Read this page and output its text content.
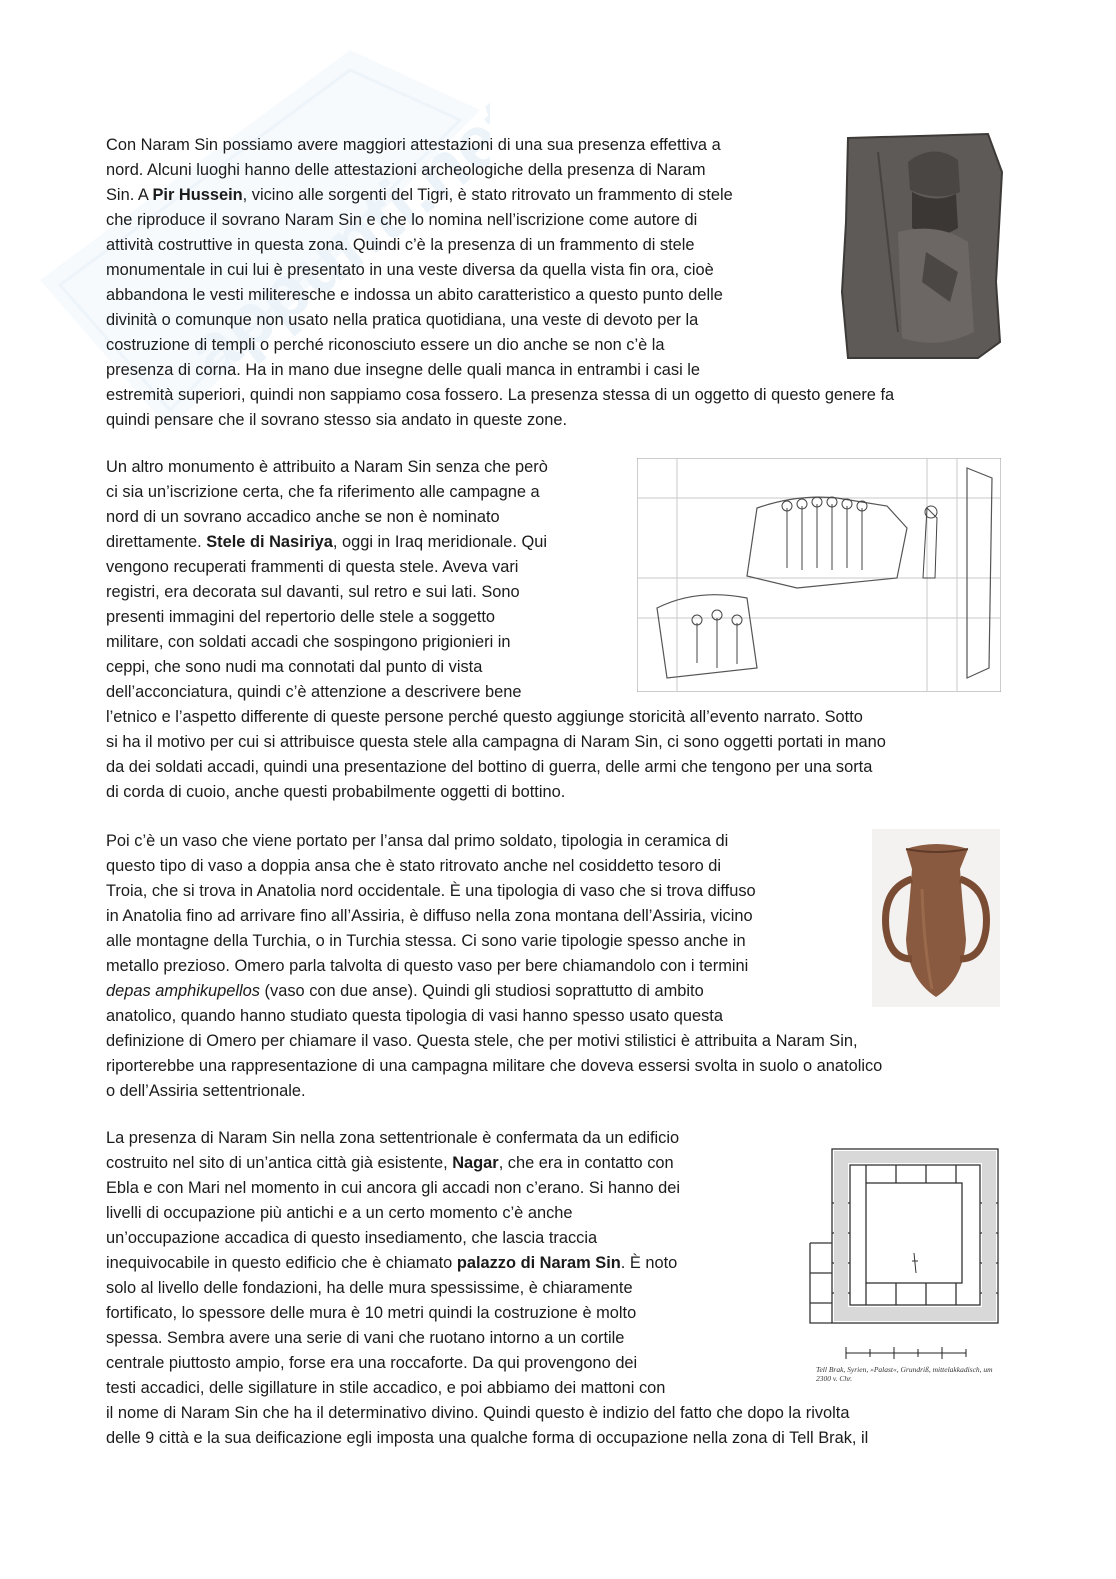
appunti.net

Con Naram Sin possiamo avere maggiori attestazioni di una sua presenza effettiva a

nord. Alcuni luoghi hanno delle attestazioni archeologiche della presenza di Naram

Sin. A Pir Hussein, vicino alle sorgenti del Tigri, è stato ritrovato un frammento di stele

che riproduce il sovrano Naram Sin e che lo nomina nell’iscrizione come autore di

attività costruttive in questa zona. Quindi c’è la presenza di un frammento di stele

monumentale in cui lui è presentato in una veste diversa da quella vista fin ora, cioè

abbandona le vesti militeresche e indossa un abito caratteristico a questo punto delle

divinità o comunque non usato nella pratica quotidiana, una veste di devoto per la

costruzione di templi o perché riconosciuto essere un dio anche se non c’è la

presenza di corna. Ha in mano due insegne delle quali manca in entrambi i casi le

estremità superiori, quindi non sappiamo cosa fossero. La presenza stessa di un oggetto di questo genere fa

quindi pensare che il sovrano stesso sia andato in queste zone.

Un altro monumento è attribuito a Naram Sin senza che però

ci sia un’iscrizione certa, che fa riferimento alle campagne a

nord di un sovrano accadico anche se non è nominato

direttamente. Stele di Nasiriya, oggi in Iraq meridionale. Qui

vengono recuperati frammenti di questa stele. Aveva vari

registri, era decorata sul davanti, sul retro e sui lati. Sono

presenti immagini del repertorio delle stele a soggetto

militare, con soldati accadi che sospingono prigionieri in

ceppi, che sono nudi ma connotati dal punto di vista

dell’acconciatura, quindi c’è attenzione a descrivere bene

l’etnico e l’aspetto differente di queste persone perché questo aggiunge storicità all’evento narrato. Sotto

si ha il motivo per cui si attribuisce questa stele alla campagna di Naram Sin, ci sono oggetti portati in mano

da dei soldati accadi, quindi una presentazione del bottino di guerra, delle armi che tengono per una sorta

di corda di cuoio, anche questi probabilmente oggetti di bottino.

Poi c’è un vaso che viene portato per l’ansa dal primo soldato, tipologia in ceramica di

questo tipo di vaso a doppia ansa che è stato ritrovato anche nel cosiddetto tesoro di

Troia, che si trova in Anatolia nord occidentale. È una tipologia di vaso che si trova diffuso

in Anatolia fino ad arrivare fino all’Assiria, è diffuso nella zona montana dell’Assiria, vicino

alle montagne della Turchia, o in Turchia stessa. Ci sono varie tipologie spesso anche in

metallo prezioso. Omero parla talvolta di questo vaso per bere chiamandolo con i termini

depas amphikupellos (vaso con due anse). Quindi gli studiosi soprattutto di ambito

anatolico, quando hanno studiato questa tipologia di vasi hanno spesso usato questa

definizione di Omero per chiamare il vaso. Questa stele, che per motivi stilistici è attribuita a Naram Sin,

riporterebbe una rappresentazione di una campagna militare che doveva essersi svolta in suolo o anatolico

o dell’Assiria settentrionale.

Tell Brak, Syrien, »Palast«, Grundriß, mittelakkadisch, um 2300 v. Chr.

La presenza di Naram Sin nella zona settentrionale è confermata da un edificio

costruito nel sito di un’antica città già esistente, Nagar, che era in contatto con

Ebla e con Mari nel momento in cui ancora gli accadi non c’erano. Si hanno dei

livelli di occupazione più antichi e a un certo momento c’è anche

un’occupazione accadica di questo insediamento, che lascia traccia

inequivocabile in questo edificio che è chiamato palazzo di Naram Sin. È noto

solo al livello delle fondazioni, ha delle mura spessissime, è chiaramente

fortificato, lo spessore delle mura è 10 metri quindi la costruzione è molto

spessa. Sembra avere una serie di vani che ruotano intorno a un cortile

centrale piuttosto ampio, forse era una roccaforte. Da qui provengono dei

testi accadici, delle sigillature in stile accadico, e poi abbiamo dei mattoni con

il nome di Naram Sin che ha il determinativo divino. Quindi questo è indizio del fatto che dopo la rivolta

delle 9 città e la sua deificazione egli imposta una qualche forma di occupazione nella zona di Tell Brak, il
